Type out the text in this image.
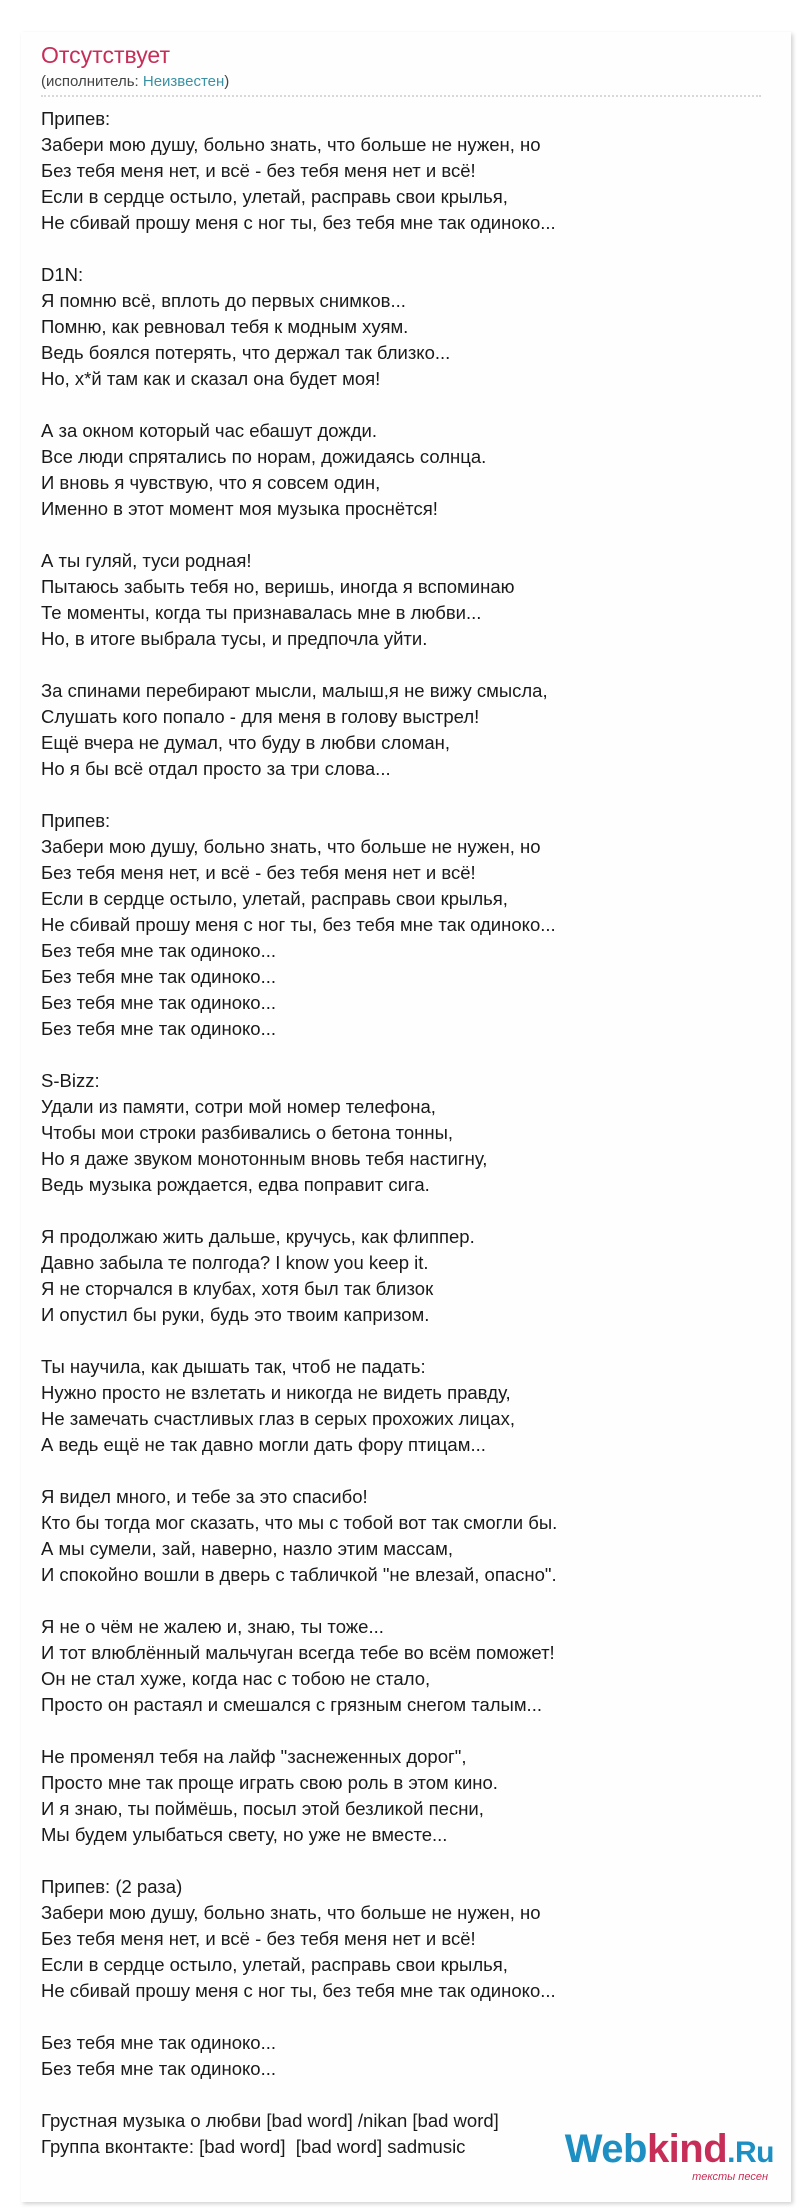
Отсутствует
(исполнитель: Неизвестен)
Припев:
Забери мою душу, больно знать, что больше не нужен, но
Без тебя меня нет, и всё - без тебя меня нет и всё!
Если в сердце остыло, улетай, расправь свои крылья,
Не сбивай прошу меня с ног ты, без тебя мне так одиноко...
D1N:
Я помню всё, вплоть до первых снимков...
Помню, как ревновал тебя к модным хуям.
Ведь боялся потерять, что держал так близко...
Но, х*й там как и сказал она будет моя!
А за окном который час ебашут дожди.
Все люди спрятались по норам, дожидаясь солнца.
И вновь я чувствую, что я совсем один,
Именно в этот момент моя музыка проснётся!
А ты гуляй, туси родная!
Пытаюсь забыть тебя но, веришь, иногда я вспоминаю
Те моменты, когда ты признавалась мне в любви...
Но, в итоге выбрала тусы, и предпочла уйти.
За спинами перебирают мысли, малыш,я не вижу смысла,
Слушать кого попало - для меня в голову выстрел!
Ещё вчера не думал, что буду в любви сломан,
Но я бы всё отдал просто за три слова...
Припев:
Забери мою душу, больно знать, что больше не нужен, но
Без тебя меня нет, и всё - без тебя меня нет и всё!
Если в сердце остыло, улетай, расправь свои крылья,
Не сбивай прошу меня с ног ты, без тебя мне так одиноко...
Без тебя мне так одиноко...
Без тебя мне так одиноко...
Без тебя мне так одиноко...
Без тебя мне так одиноко...
S-Bizz:
Удали из памяти, сотри мой номер телефона,
Чтобы мои строки разбивались о бетона тонны,
Но я даже звуком монотонным вновь тебя настигну,
Ведь музыка рождается, едва поправит сига.
Я продолжаю жить дальше, кручусь, как флиппер.
Давно забыла те полгода? I know you keep it.
Я не сторчался в клубах, хотя был так близок
И опустил бы руки, будь это твоим капризом.
Ты научила, как дышать так, чтоб не падать:
Нужно просто не взлетать и никогда не видеть правду,
Не замечать счастливых глаз в серых прохожих лицах,
А ведь ещё не так давно могли дать фору птицам...
Я видел много, и тебе за это спасибо!
Кто бы тогда мог сказать, что мы с тобой вот так смогли бы.
А мы сумели, зай, наверно, назло этим массам,
И спокойно вошли в дверь с табличкой "не влезай, опасно".
Я не о чём не жалею и, знаю, ты тоже...
И тот влюблённый мальчуган всегда тебе во всём поможет!
Он не стал хуже, когда нас с тобою не стало,
Просто он растаял и смешался с грязным снегом талым...
Не променял тебя на лайф "заснеженных дорог",
Просто мне так проще играть свою роль в этом кино.
И я знаю, ты поймёшь, посыл этой безликой песни,
Мы будем улыбаться свету, но уже не вместе...
Припев: (2 раза)
Забери мою душу, больно знать, что больше не нужен, но
Без тебя меня нет, и всё - без тебя меня нет и всё!
Если в сердце остыло, улетай, расправь свои крылья,
Не сбивай прошу меня с ног ты, без тебя мне так одиноко...
Без тебя мне так одиноко...
Без тебя мне так одиноко...
Грустная музыка о любви [bad word] /nikan [bad word]
Группа вконтакте: [bad word]  [bad word] sadmusic	Webkind.Ru
тексты песен
